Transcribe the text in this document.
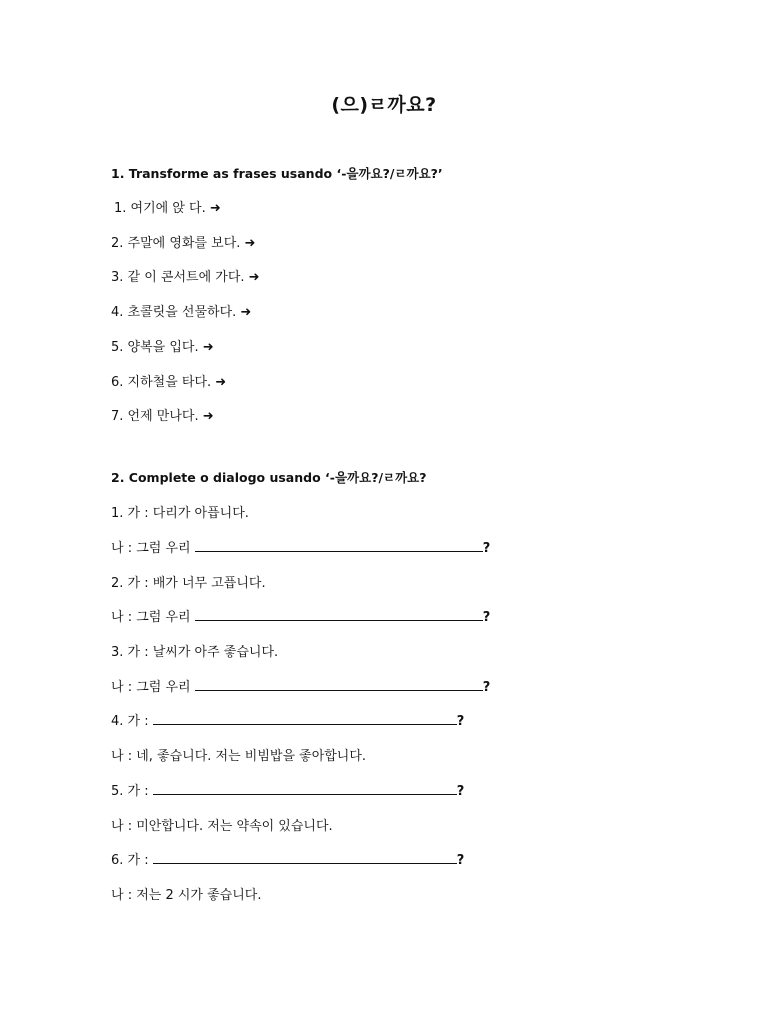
(으)ㄹ까요?
1. Transforme as frases usando ‘-을까요?/ㄹ까요?’
1. 여기에 앉 다. ➜
2. 주말에 영화를 보다. ➜
3. 같 이 콘서트에 가다. ➜
4. 초콜릿을 선물하다. ➜
5. 양복을 입다. ➜
6. 지하철을 타다. ➜
7. 언제 만나다. ➜
2. Complete o dialogo usando ‘-을까요?/ㄹ까요?
1. 가 : 다리가 아픕니다.
나 : 그럼 우리	?
2. 가 : 배가 너무 고픕니다.
나 : 그럼 우리	?
3. 가 : 날씨가 아주 좋습니다.
나 : 그럼 우리	?
4. 가 :	?
나 : 네, 좋습니다. 저는 비빔밥을 좋아합니다.
5. 가 :	?
나 : 미안합니다. 저는 약속이 있습니다.
6. 가 :	?
나 : 저는 2 시가 좋습니다.
